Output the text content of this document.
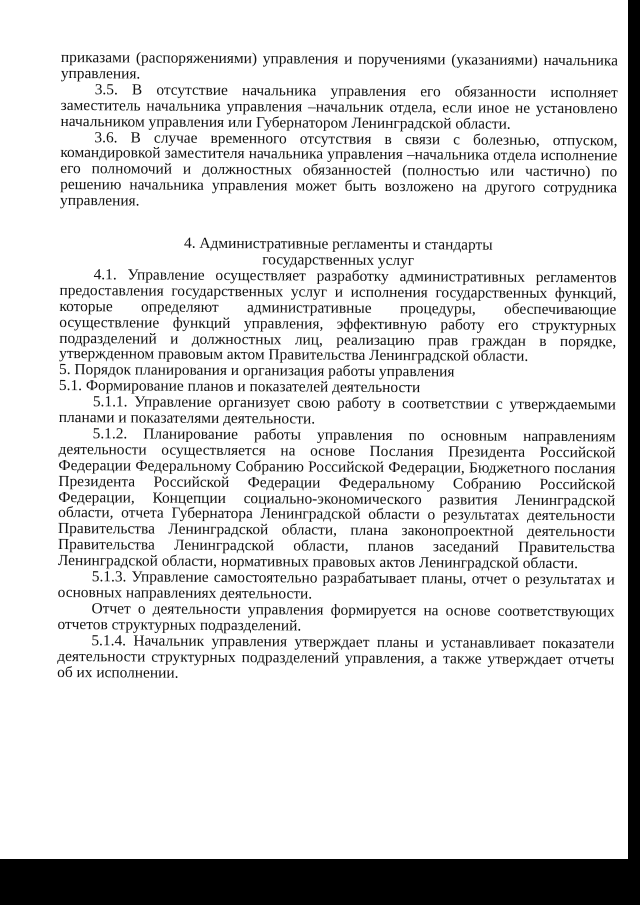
приказами (распоряжениями) управления и поручениями (указаниями) начальника управления.

3.5. В отсутствие начальника управления его обязанности исполняет заместитель начальника управления –начальник отдела, если иное не установлено начальником управления или Губернатором Ленинградской области.

3.6. В случае временного отсутствия в связи с болезнью, отпуском, командировкой заместителя начальника управления –начальника отдела исполнение его полномочий и должностных обязанностей (полностью или частично) по решению начальника управления может быть возложено на другого сотрудника управления.

4. Административные регламенты и стандарты
государственных услуг

4.1. Управление осуществляет разработку административных регламентов предоставления государственных услуг и исполнения государственных функций, которые определяют административные процедуры, обеспечивающие осуществление функций управления, эффективную работу его структурных подразделений и должностных лиц, реализацию прав граждан в порядке, утвержденном правовым актом Правительства Ленинградской области.

5. Порядок планирования и организация работы управления

5.1. Формирование планов и показателей деятельности

5.1.1. Управление организует свою работу в соответствии с утверждаемыми планами и показателями деятельности.

5.1.2. Планирование работы управления по основным направлениям деятельности осуществляется на основе Послания Президента Российской Федерации Федеральному Собранию Российской Федерации, Бюджетного послания Президента Российской Федерации Федеральному Собранию Российской Федерации, Концепции социально-экономического развития Ленинградской области, отчета Губернатора Ленинградской области о результатах деятельности Правительства Ленинградской области, плана законопроектной деятельности Правительства Ленинградской области, планов заседаний Правительства Ленинградской области, нормативных правовых актов Ленинградской области.

5.1.3. Управление самостоятельно разрабатывает планы, отчет о результатах и основных направлениях деятельности.

Отчет о деятельности управления формируется на основе соответствующих отчетов структурных подразделений.

5.1.4. Начальник управления утверждает планы и устанавливает показатели деятельности структурных подразделений управления, а также утверждает отчеты об их исполнении.
